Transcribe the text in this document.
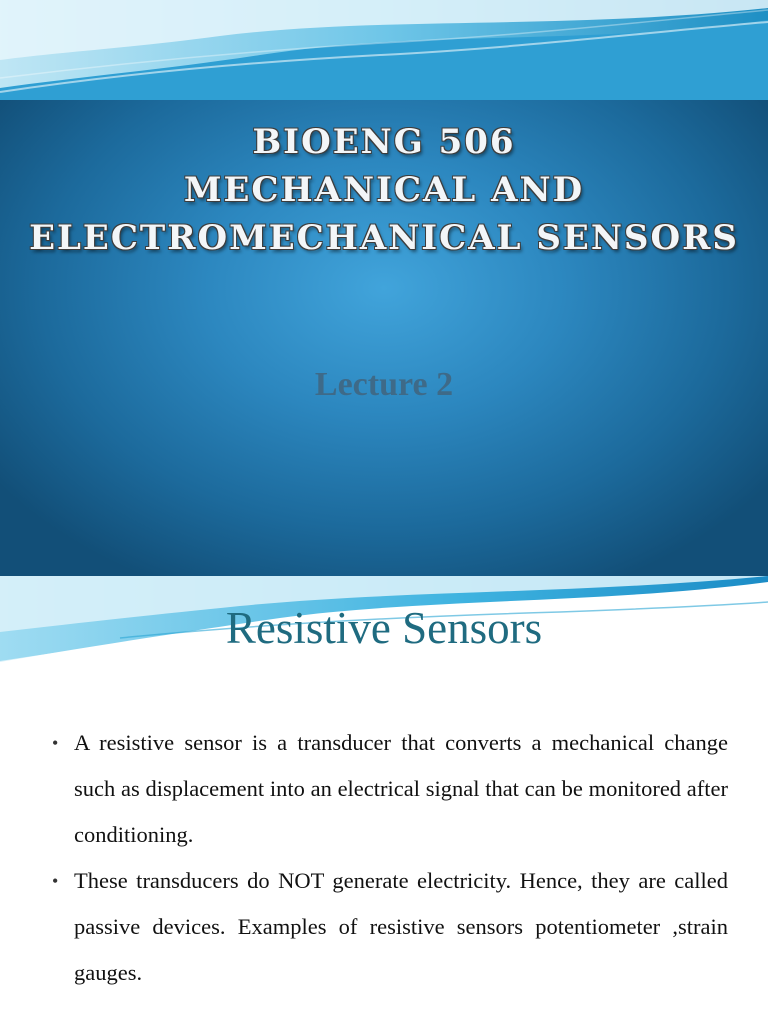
BIOENG 506
MECHANICAL AND
ELECTROMECHANICAL SENSORS
Lecture 2
Resistive Sensors
• A resistive sensor is a transducer that converts a mechanical change such as displacement into an electrical signal that can be monitored after conditioning.
• These transducers do NOT generate electricity. Hence, they are called passive devices. Examples of resistive sensors potentiometer ,strain gauges.
